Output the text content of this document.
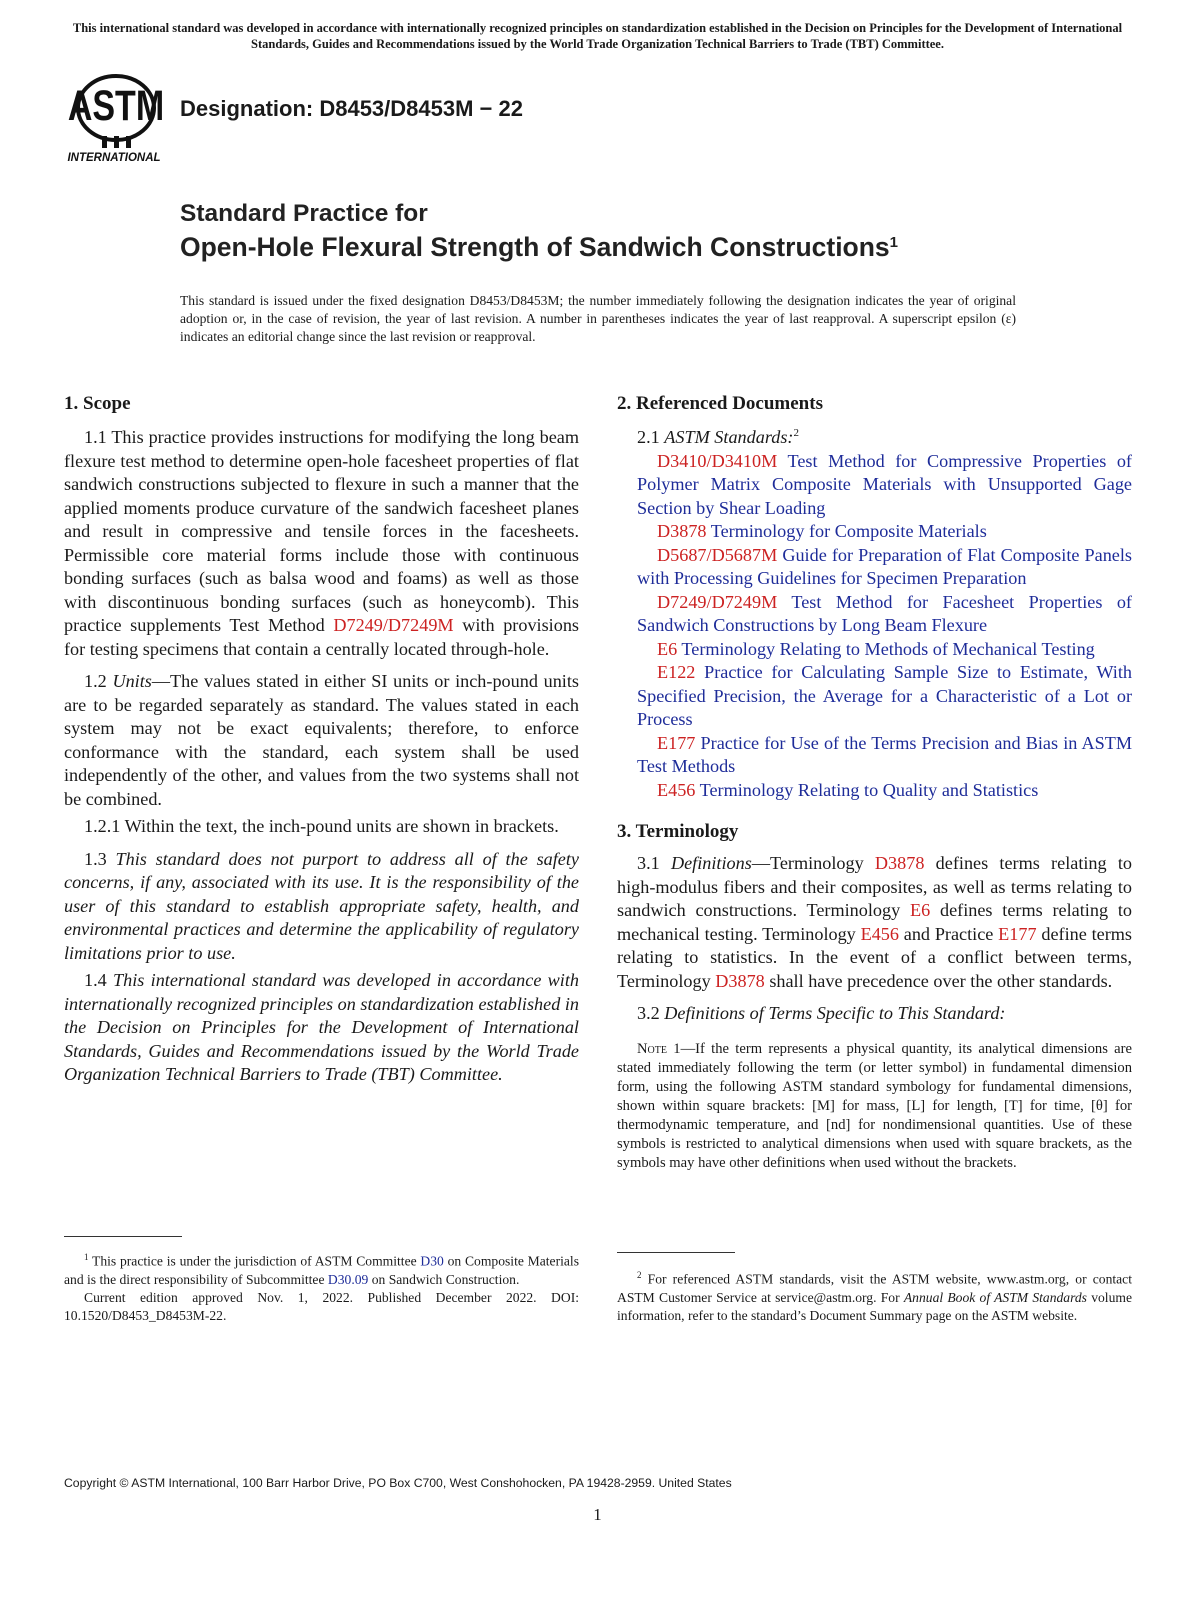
This international standard was developed in accordance with internationally recognized principles on standardization established in the Decision on Principles for the Development of International Standards, Guides and Recommendations issued by the World Trade Organization Technical Barriers to Trade (TBT) Committee.
ASTM
INTERNATIONAL
Designation: D8453/D8453M − 22
Standard Practice for
Open-Hole Flexural Strength of Sandwich Constructions$^1$
This standard is issued under the fixed designation D8453/D8453M; the number immediately following the designation indicates the year of original adoption or, in the case of revision, the year of last revision. A number in parentheses indicates the year of last reapproval. A superscript epsilon (ε) indicates an editorial change since the last revision or reapproval.
1. Scope

1.1 This practice provides instructions for modifying the long beam flexure test method to determine open-hole facesheet properties of flat sandwich constructions subjected to flexure in such a manner that the applied moments produce curvature of the sandwich facesheet planes and result in compressive and tensile forces in the facesheets. Permissible core material forms include those with continuous bonding surfaces (such as balsa wood and foams) as well as those with discontinuous bonding surfaces (such as honeycomb). This practice supplements Test Method D7249/D7249M with provisions for testing specimens that contain a centrally located through-hole.

1.2 Units—The values stated in either SI units or inch-pound units are to be regarded separately as standard. The values stated in each system may not be exact equivalents; therefore, to enforce conformance with the standard, each system shall be used independently of the other, and values from the two systems shall not be combined.

1.2.1 Within the text, the inch-pound units are shown in brackets.

1.3 This standard does not purport to address all of the safety concerns, if any, associated with its use. It is the responsibility of the user of this standard to establish appropriate safety, health, and environmental practices and determine the applicability of regulatory limitations prior to use.

1.4 This international standard was developed in accordance with internationally recognized principles on standardization established in the Decision on Principles for the Development of International Standards, Guides and Recommendations issued by the World Trade Organization Technical Barriers to Trade (TBT) Committee.

2. Referenced Documents

2.1 ASTM Standards:$^2$

D3410/D3410M Test Method for Compressive Properties of Polymer Matrix Composite Materials with Unsupported Gage Section by Shear Loading

D3878 Terminology for Composite Materials

D5687/D5687M Guide for Preparation of Flat Composite Panels with Processing Guidelines for Specimen Preparation

D7249/D7249M Test Method for Facesheet Properties of Sandwich Constructions by Long Beam Flexure

E6 Terminology Relating to Methods of Mechanical Testing

E122 Practice for Calculating Sample Size to Estimate, With Specified Precision, the Average for a Characteristic of a Lot or Process

E177 Practice for Use of the Terms Precision and Bias in ASTM Test Methods

E456 Terminology Relating to Quality and Statistics

3. Terminology

3.1 Definitions—Terminology D3878 defines terms relating to high-modulus fibers and their composites, as well as terms relating to sandwich constructions. Terminology E6 defines terms relating to mechanical testing. Terminology E456 and Practice E177 define terms relating to statistics. In the event of a conflict between terms, Terminology D3878 shall have precedence over the other standards.

3.2 Definitions of Terms Specific to This Standard:

Note 1—If the term represents a physical quantity, its analytical dimensions are stated immediately following the term (or letter symbol) in fundamental dimension form, using the following ASTM standard symbology for fundamental dimensions, shown within square brackets: [M] for mass, [L] for length, [T] for time, [θ] for thermodynamic temperature, and [nd] for nondimensional quantities. Use of these symbols is restricted to analytical dimensions when used with square brackets, as the symbols may have other definitions when used without the brackets.

$^1$ This practice is under the jurisdiction of ASTM Committee D30 on Composite Materials and is the direct responsibility of Subcommittee D30.09 on Sandwich Construction.

Current edition approved Nov. 1, 2022. Published December 2022. DOI: 10.1520/D8453_D8453M-22.

$^2$ For referenced ASTM standards, visit the ASTM website, www.astm.org, or contact ASTM Customer Service at service@astm.org. For Annual Book of ASTM Standards volume information, refer to the standard’s Document Summary page on the ASTM website.

Copyright © ASTM International, 100 Barr Harbor Drive, PO Box C700, West Conshohocken, PA 19428-2959. United States
1
